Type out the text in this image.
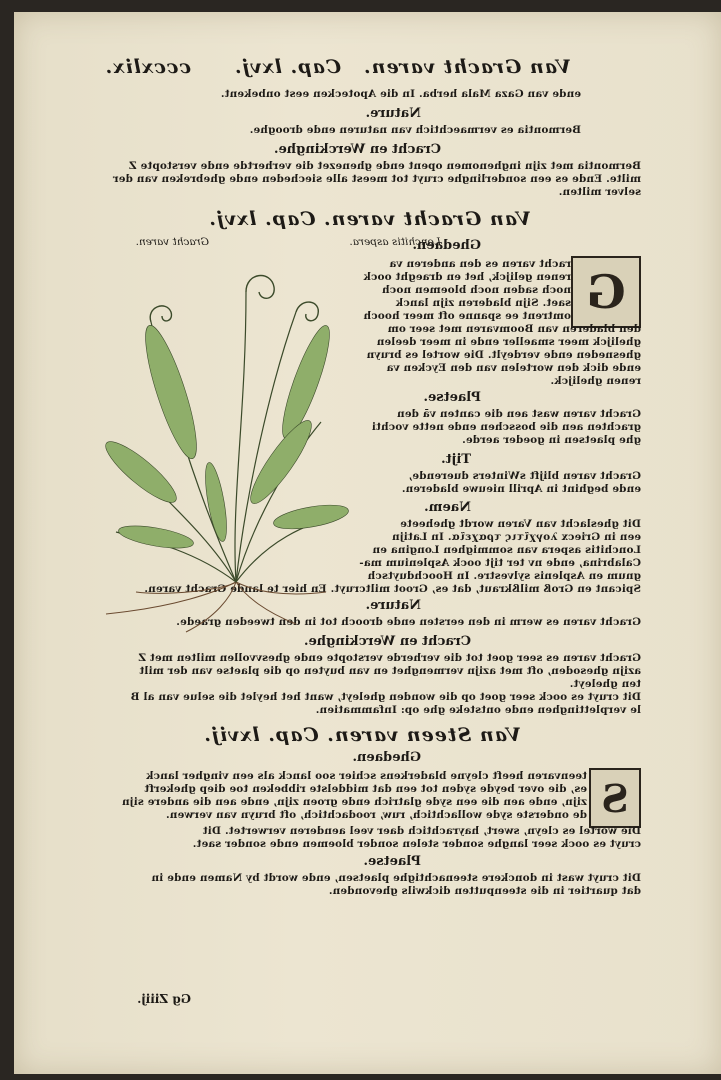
Van Gracht varen.
Cap. lxvj.
cccxlix.
ende van Gaza Mala herba. In die Apotecken eest onbekent.
Nature.
Bermontia es vermaechtich van naturen ende drooghe.
Cracht en Werckinghe.
Bermontia met zijn inghenomen opent ende ghenezet die verhertde ende verstopte Z
milte. Ende es een sonderlinghe cruyt tot meest alle siecheden ende ghebreken van der
selver milten.
Van Gracht varen. Cap. lxvj.
Lonchitis aspera.
Gracht varen.	Ghedaen.
G
racht varen es den anderen va
renen gelijck, het en draeght oock
noch saden noch bloemen noch
saet. Sijn bladeren zijn lanck
omtrent ee spanne oft meer hooch
den bladeren van Boomvaren met seer om
ghelijck meer smaeller ende in meer deelen
ghesneden ende verdeylt. Die wortel es bruyn
ende dick den wortelen van den Eycken va
renen ghelijck.
Plaetse.
Gracht varen wast aen die canten vā den
grachten aen die bosschen ende nette vochti
ghe plaetsen in goeder aerde.
Tijt.
Gracht varen blijft sWinters duerende,
ende beghint in Aprill nieuwe bladeren.
Naem.
Dit gheslacht van Varen wordt gheheete
een in Griecx λογχῖτις τραχεῖα. In Latijn
Lonchitis aspera van sommighen Longina en
Calabrina, ende nv ter tijt oock Asplenium ma-
gnum en Asplenis sylvestre. In Hoochduytsch
Spicant en Groß milßkraut, dat es, Groot miltcruyt. En hier te lande Gracht varen.
Nature.
Gracht varen es werm in den eersten ende drooch tot in den tweeden graede.
Cracht en Werckinghe.
Gracht varen es seer goet tot die verherde verstopte ende ghesvvollen milten met Z
azijn ghesoden, oft met azijn vermenghet en van buyten op die plaetse van der milt
ten gheleyt.
Dit cruyt es oock seer goet op die wonden gheleyt, want het heylet die selue van al B
le verplettinghen ende ontsteke ghe op: Infammatien.
Van Steen varen. Cap. lxvij.
Ghedaen.
S
teenvaren heeft cleyne bladerkens schier soo lanck als een vingher lanck
es, die over beyde syden tot een dat middelste ribbeken toe diep ghekerft
zijn, ende aen die een syde glatrich ende groen zijn, ende aen die andere sijn
de onderste syde wollachtich, ruw, roodachtich, oft bruyn van verwen.
Die wortel es cleyn, swert, hayrachtich daer veel aenderen verwertet. Dit
cruyt es oock seer langhe sonder stelen sonder bloemen ende sonder saet.
Plaetse.
Dit cruyt wast in donckere steenachtighe plaetsen, ende wordt by Namen ende in
dat quartier in die steenputten dickwils ghevonden.
Gg Ziiij.
